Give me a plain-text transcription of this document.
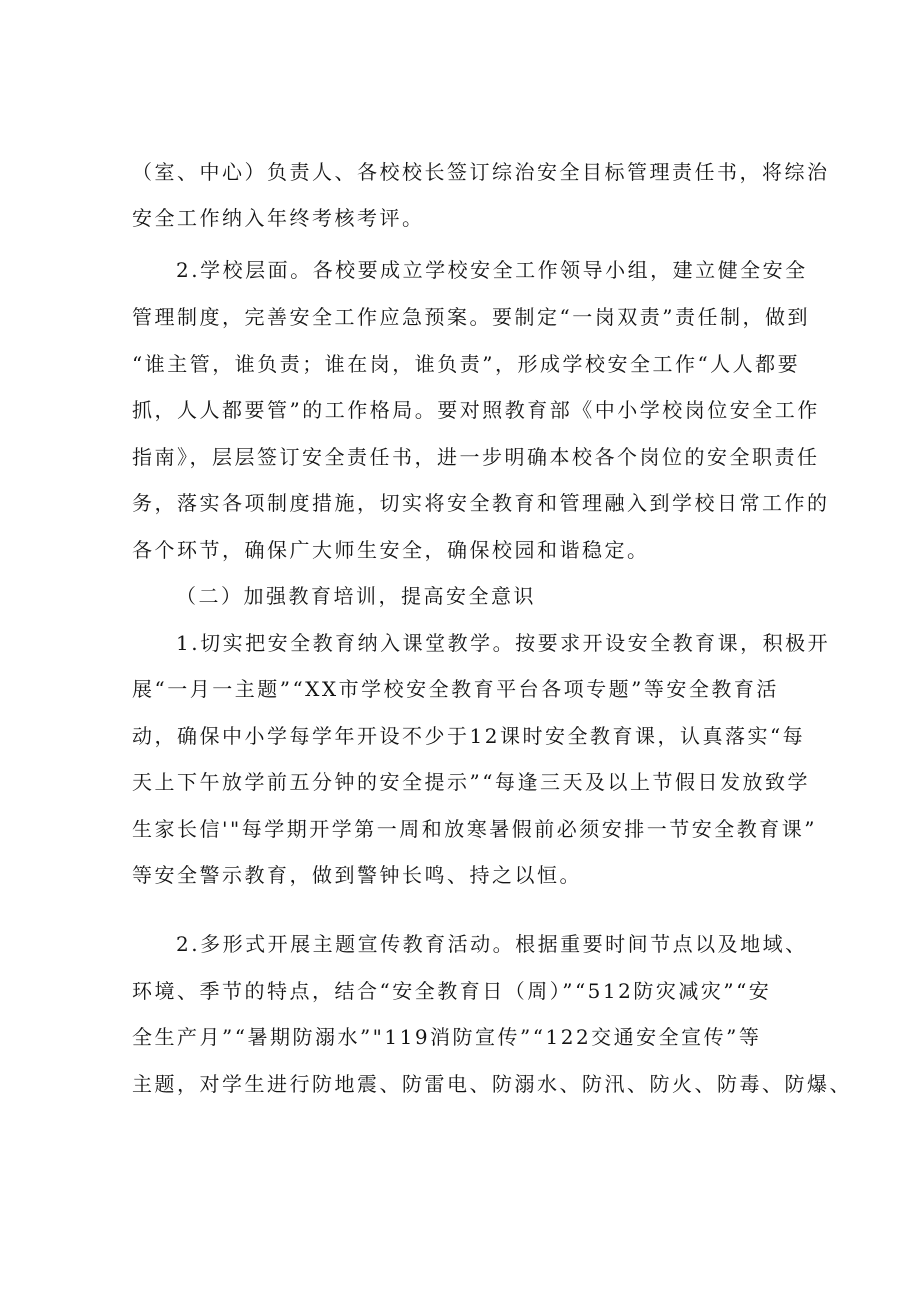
（室、中心）负责人、各校校长签订综治安全目标管理责任书，将综治
安全工作纳入年终考核考评。
2.学校层面。各校要成立学校安全工作领导小组，建立健全安全
管理制度，完善安全工作应急预案。要制定“一岗双责”责任制，做到
“谁主管，谁负责；谁在岗，谁负责”，形成学校安全工作“人人都要
抓，人人都要管”的工作格局。要对照教育部《中小学校岗位安全工作
指南》，层层签订安全责任书，进一步明确本校各个岗位的安全职责任
务，落实各项制度措施，切实将安全教育和管理融入到学校日常工作的
各个环节，确保广大师生安全，确保校园和谐稳定。
（二）加强教育培训，提高安全意识
1.切实把安全教育纳入课堂教学。按要求开设安全教育课，积极开
展“一月一主题”“XX市学校安全教育平台各项专题”等安全教育活
动，确保中小学每学年开设不少于12课时安全教育课，认真落实“每
天上下午放学前五分钟的安全提示”“每逢三天及以上节假日发放致学
生家长信'"每学期开学第一周和放寒暑假前必须安排一节安全教育课”
等安全警示教育，做到警钟长鸣、持之以恒。
2.多形式开展主题宣传教育活动。根据重要时间节点以及地域、
环境、季节的特点，结合“安全教育日（周）”“512防灾减灾”“安
全生产月”“暑期防溺水”"119消防宣传”“122交通安全宣传”等
主题，对学生进行防地震、防雷电、防溺水、防汛、防火、防毒、防爆、
